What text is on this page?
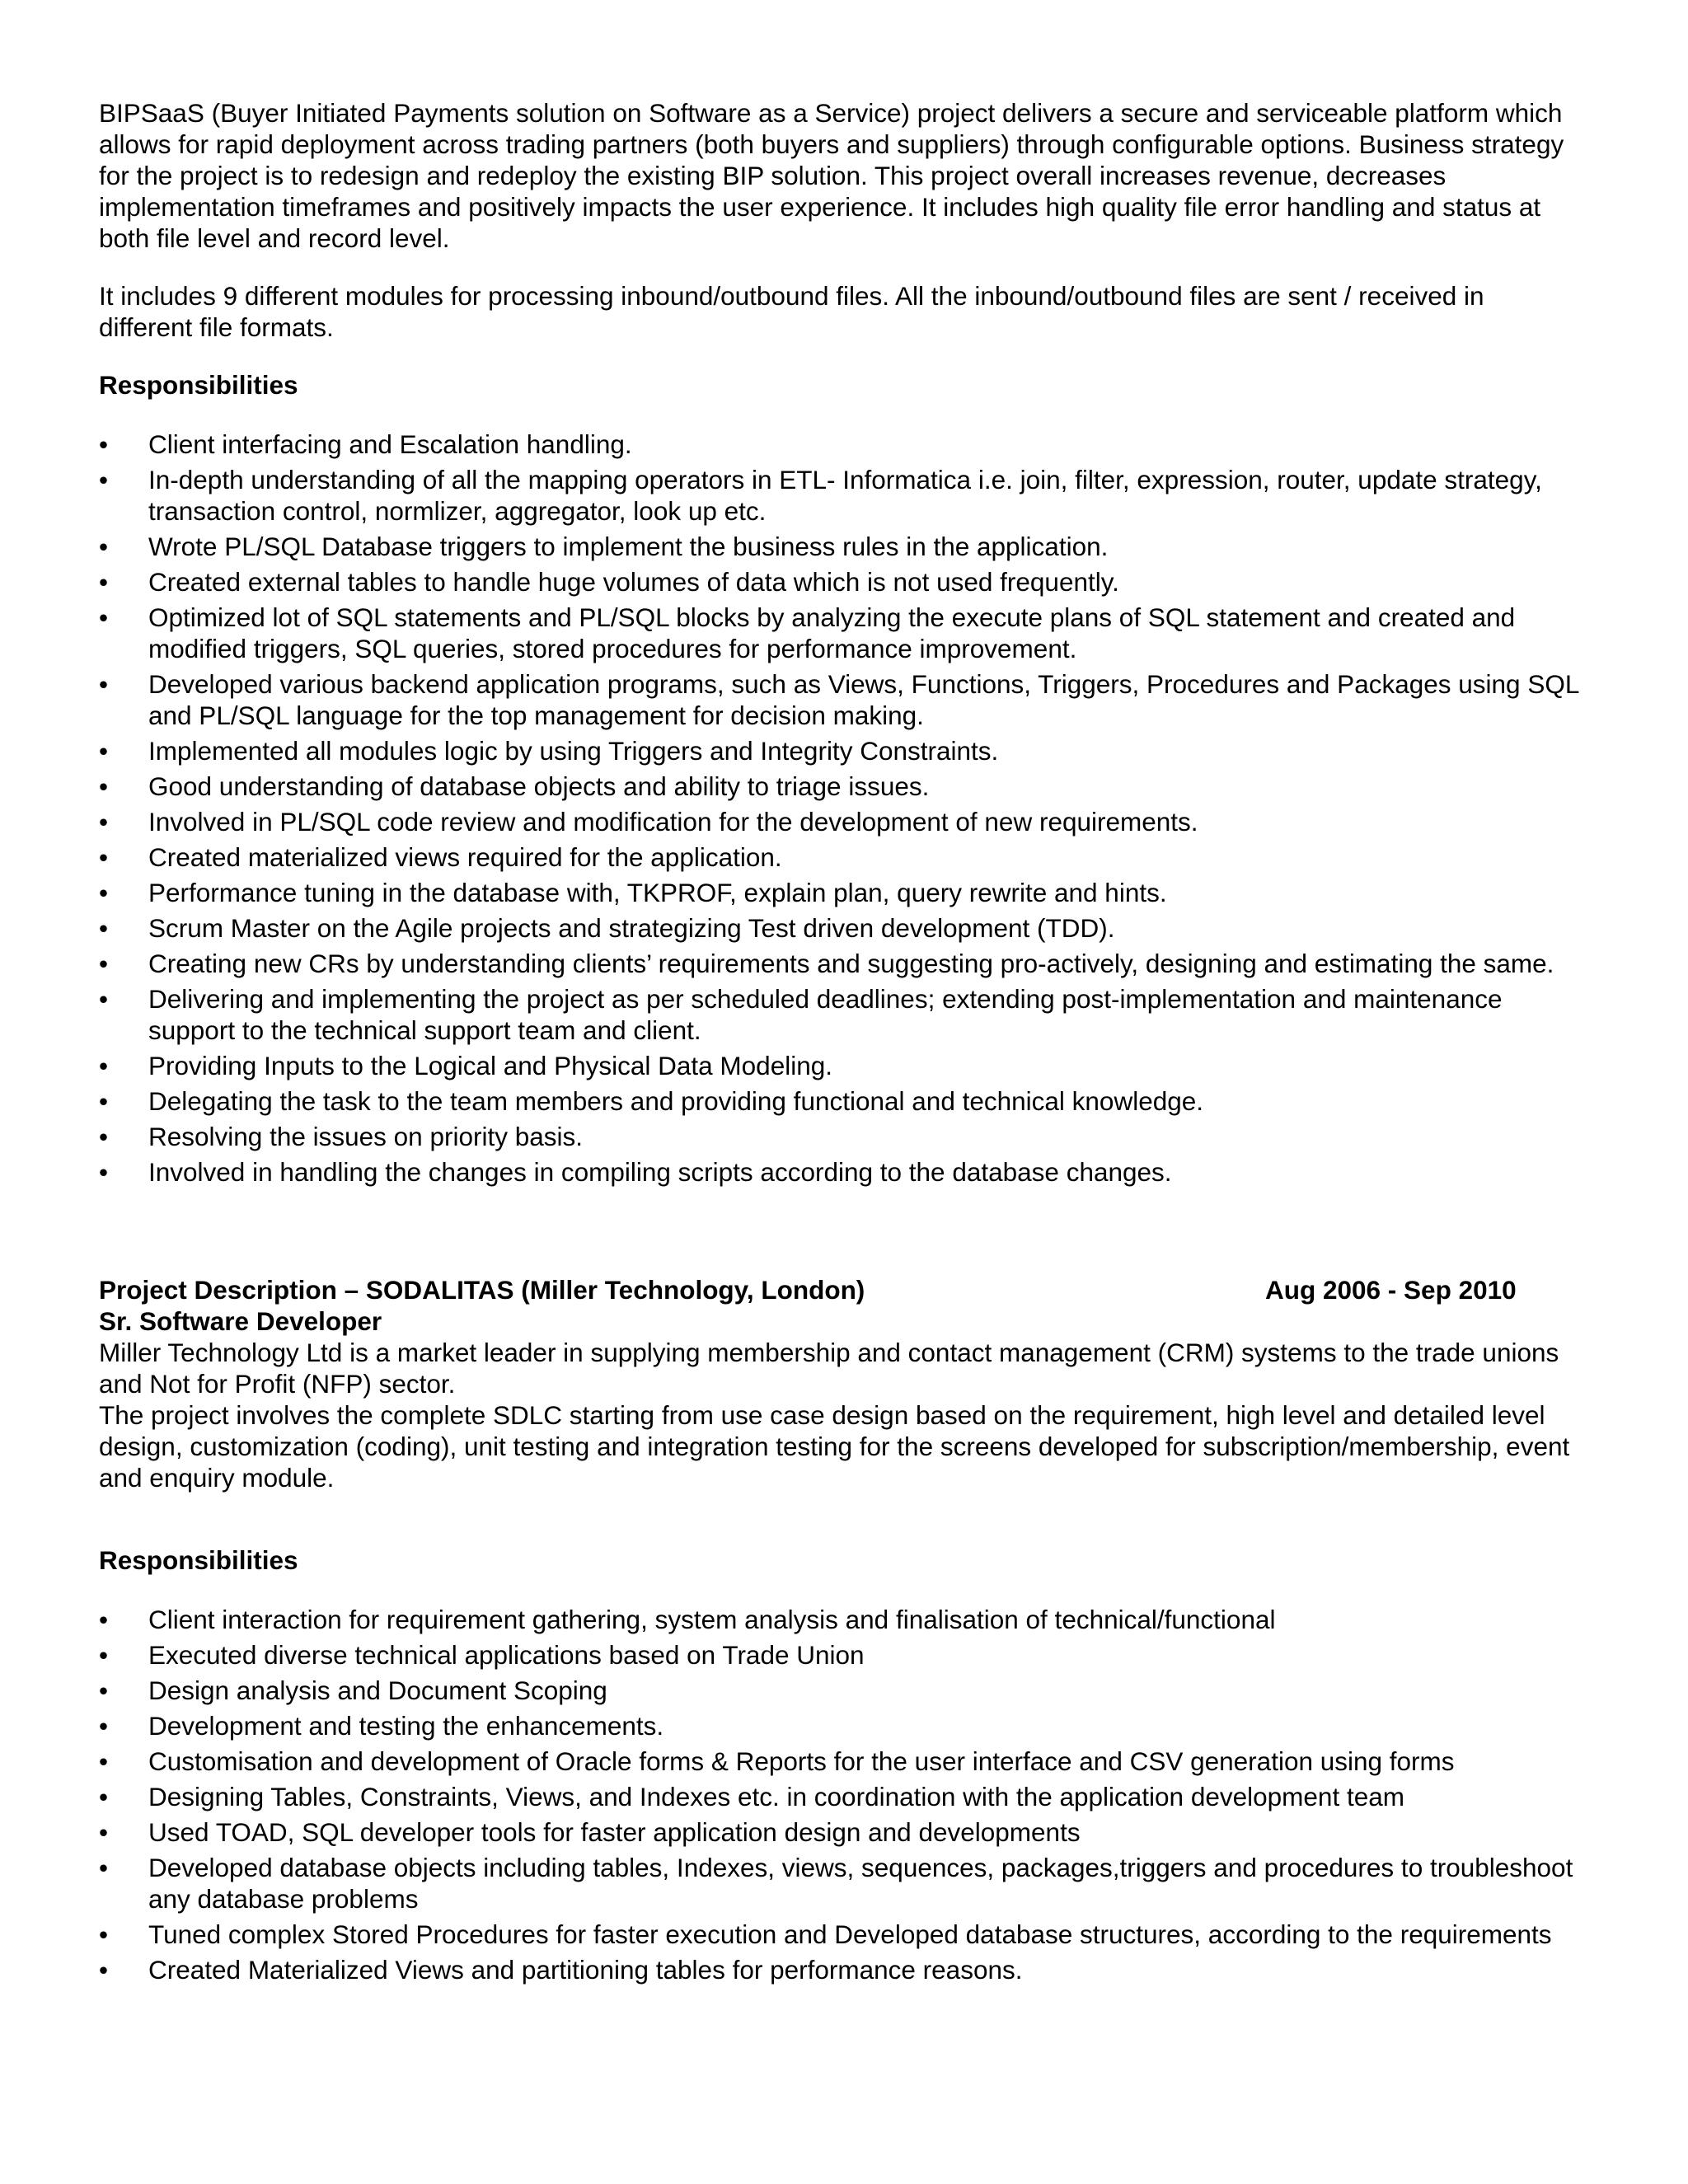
BIPSaaS (Buyer Initiated Payments solution on Software as a Service) project delivers a secure and serviceable platform which allows for rapid deployment across trading partners (both buyers and suppliers) through configurable options. Business strategy for the project is to redesign and redeploy the existing BIP solution. This project overall increases revenue, decreases implementation timeframes and positively impacts the user experience. It includes high quality file error handling and status at both file level and record level.

It includes 9 different modules for processing inbound/outbound files. All the inbound/outbound files are sent / received in different file formats.

Responsibilities
• Client interfacing and Escalation handling.
• In-depth understanding of all the mapping operators in ETL- Informatica i.e. join, filter, expression, router, update strategy, transaction control, normlizer, aggregator, look up etc.
• Wrote PL/SQL Database triggers to implement the business rules in the application.
• Created external tables to handle huge volumes of data which is not used frequently.
• Optimized lot of SQL statements and PL/SQL blocks by analyzing the execute plans of SQL statement and created and modified triggers, SQL queries, stored procedures for performance improvement.
• Developed various backend application programs, such as Views, Functions, Triggers, Procedures and Packages using SQL and PL/SQL language for the top management for decision making.
• Implemented all modules logic by using Triggers and Integrity Constraints.
• Good understanding of database objects and ability to triage issues.
• Involved in PL/SQL code review and modification for the development of new requirements.
• Created materialized views required for the application.
• Performance tuning in the database with, TKPROF, explain plan, query rewrite and hints.
• Scrum Master on the Agile projects and strategizing Test driven development (TDD).
• Creating new CRs by understanding clients’ requirements and suggesting pro-actively, designing and estimating the same.
• Delivering and implementing the project as per scheduled deadlines; extending post-implementation and maintenance support to the technical support team and client.
• Providing Inputs to the Logical and Physical Data Modeling.
• Delegating the task to the team members and providing functional and technical knowledge.
• Resolving the issues on priority basis.
• Involved in handling the changes in compiling scripts according to the database changes.
Project Description – SODALITAS (Miller Technology, London)	Aug 2006 - Sep 2010
Sr. Software Developer

Miller Technology Ltd is a market leader in supplying membership and contact management (CRM) systems to the trade unions and Not for Profit (NFP) sector.

The project involves the complete SDLC starting from use case design based on the requirement, high level and detailed level design, customization (coding), unit testing and integration testing for the screens developed for subscription/membership, event and enquiry module.

Responsibilities
• Client interaction for requirement gathering, system analysis and finalisation of technical/functional
• Executed diverse technical applications based on Trade Union
• Design analysis and Document Scoping
• Development and testing the enhancements.
• Customisation and development of Oracle forms & Reports for the user interface and CSV generation using forms
• Designing Tables, Constraints, Views, and Indexes etc. in coordination with the application development team
• Used TOAD, SQL developer tools for faster application design and developments
• Developed database objects including tables, Indexes, views, sequences, packages,triggers and procedures to troubleshoot any database problems
• Tuned complex Stored Procedures for faster execution and Developed database structures, according to the requirements
• Created Materialized Views and partitioning tables for performance reasons.
